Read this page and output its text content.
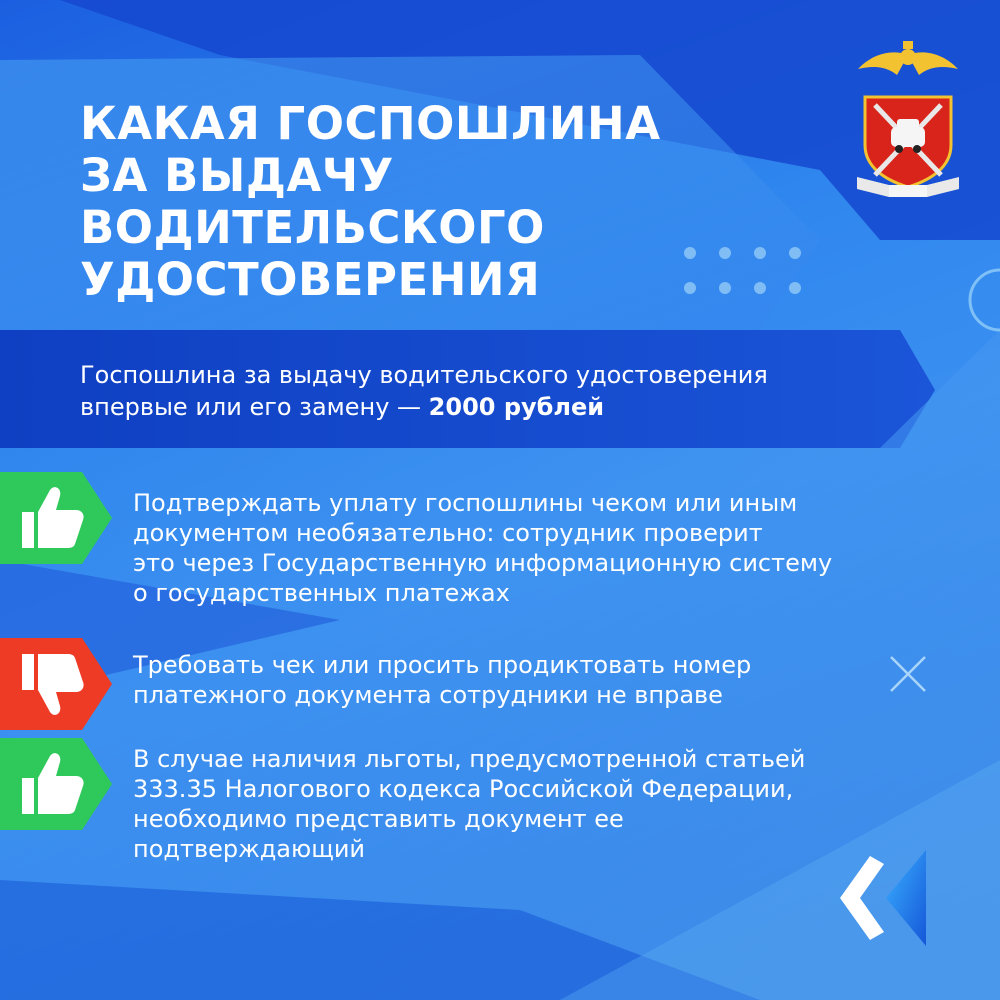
КАКАЯ ГОСПОШЛИНА
ЗА ВЫДАЧУ
ВОДИТЕЛЬСКОГО
УДОСТОВЕРЕНИЯ

Госпошлина за выдачу водительского удостоверения
впервые или его замену — 2000 рублей

Подтверждать уплату госпошлины чеком или иным
документом необязательно: сотрудник проверит
это через Государственную информационную систему
о государственных платежах

Требовать чек или просить продиктовать номер
платежного документа сотрудники не вправе

В случае наличия льготы, предусмотренной статьей
333.35 Налогового кодекса Российской Федерации,
необходимо представить документ ее
подтверждающий
